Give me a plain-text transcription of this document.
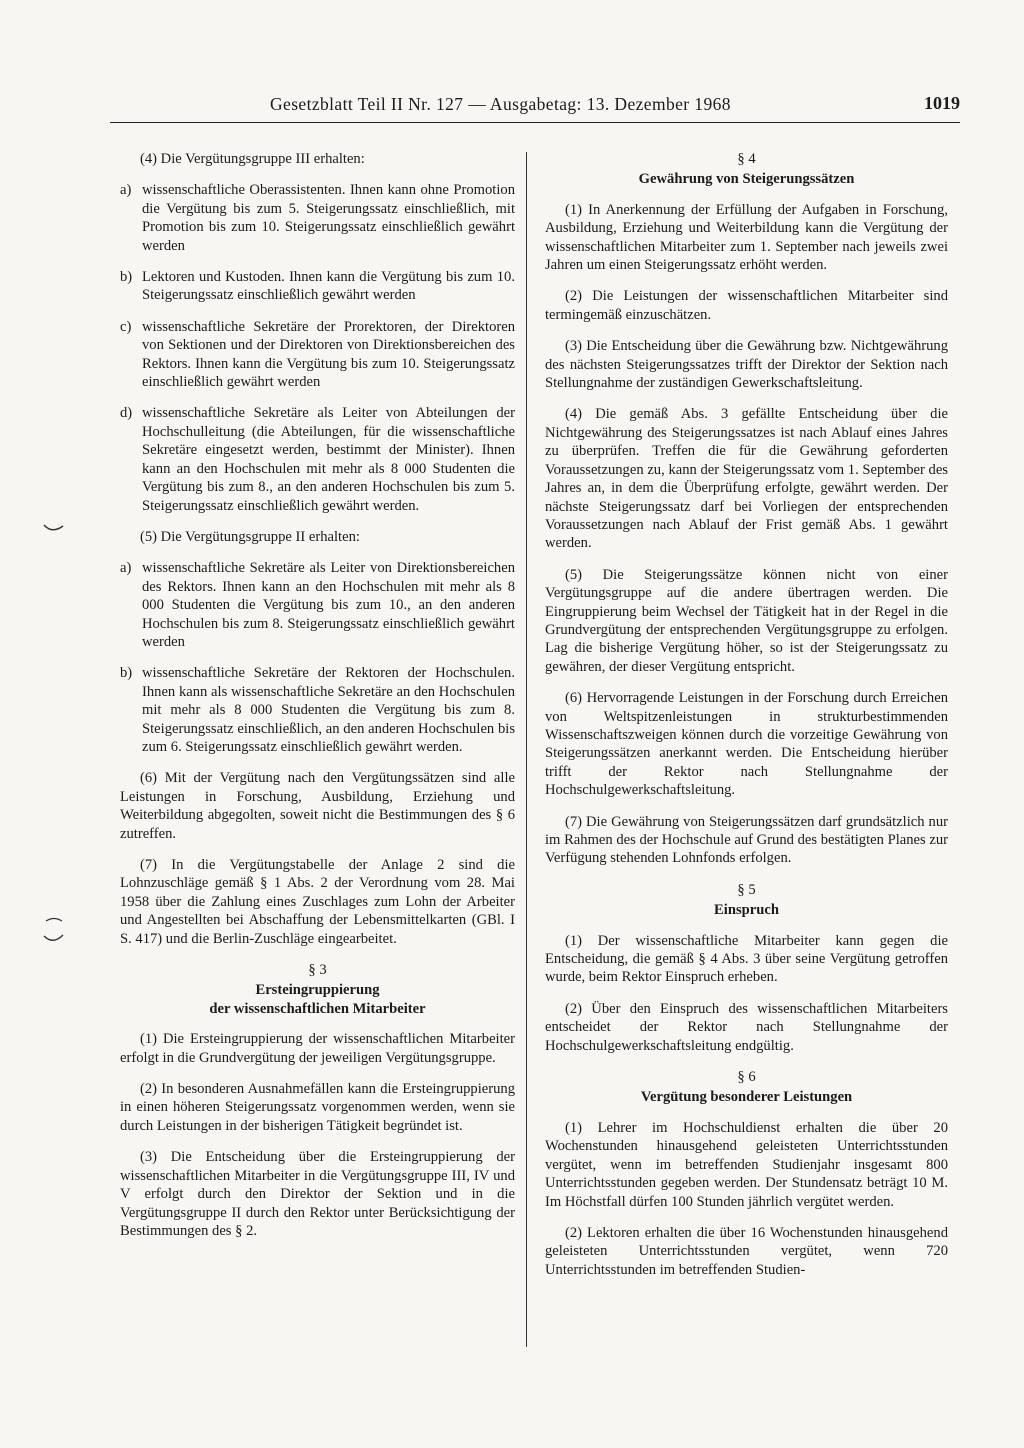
Gesetzblatt Teil II Nr. 127 — Ausgabetag: 13. Dezember 1968	1019

(4) Die Vergütungsgruppe III erhalten:

a) wissenschaftliche Oberassistenten. Ihnen kann ohne Promotion die Vergütung bis zum 5. Steigerungssatz einschließlich, mit Promotion bis zum 10. Steigerungssatz einschließlich gewährt werden
b) Lektoren und Kustoden. Ihnen kann die Vergütung bis zum 10. Steigerungssatz einschließlich gewährt werden
c) wissenschaftliche Sekretäre der Prorektoren, der Direktoren von Sektionen und der Direktoren von Direktionsbereichen des Rektors. Ihnen kann die Vergütung bis zum 10. Steigerungssatz einschließlich gewährt werden
d) wissenschaftliche Sekretäre als Leiter von Abteilungen der Hochschulleitung (die Abteilungen, für die wissenschaftliche Sekretäre eingesetzt werden, bestimmt der Minister). Ihnen kann an den Hochschulen mit mehr als 8 000 Studenten die Vergütung bis zum 8., an den anderen Hochschulen bis zum 5. Steigerungssatz einschließlich gewährt werden.

(5) Die Vergütungsgruppe II erhalten:

a) wissenschaftliche Sekretäre als Leiter von Direktionsbereichen des Rektors. Ihnen kann an den Hochschulen mit mehr als 8 000 Studenten die Vergütung bis zum 10., an den anderen Hochschulen bis zum 8. Steigerungssatz einschließlich gewährt werden
b) wissenschaftliche Sekretäre der Rektoren der Hochschulen. Ihnen kann als wissenschaftliche Sekretäre an den Hochschulen mit mehr als 8 000 Studenten die Vergütung bis zum 8. Steigerungssatz einschließlich, an den anderen Hochschulen bis zum 6. Steigerungssatz einschließlich gewährt werden.

(6) Mit der Vergütung nach den Vergütungssätzen sind alle Leistungen in Forschung, Ausbildung, Erziehung und Weiterbildung abgegolten, soweit nicht die Bestimmungen des § 6 zutreffen.

(7) In die Vergütungstabelle der Anlage 2 sind die Lohnzuschläge gemäß § 1 Abs. 2 der Verordnung vom 28. Mai 1958 über die Zahlung eines Zuschlages zum Lohn der Arbeiter und Angestellten bei Abschaffung der Lebensmittelkarten (GBl. I S. 417) und die Berlin-Zuschläge eingearbeitet.

§ 3
Ersteingruppierung
der wissenschaftlichen Mitarbeiter

(1) Die Ersteingruppierung der wissenschaftlichen Mitarbeiter erfolgt in die Grundvergütung der jeweiligen Vergütungsgruppe.

(2) In besonderen Ausnahmefällen kann die Ersteingruppierung in einen höheren Steigerungssatz vorgenommen werden, wenn sie durch Leistungen in der bisherigen Tätigkeit begründet ist.

(3) Die Entscheidung über die Ersteingruppierung der wissenschaftlichen Mitarbeiter in die Vergütungsgruppe III, IV und V erfolgt durch den Direktor der Sektion und in die Vergütungsgruppe II durch den Rektor unter Berücksichtigung der Bestimmungen des § 2.

§ 4
Gewährung von Steigerungssätzen

(1) In Anerkennung der Erfüllung der Aufgaben in Forschung, Ausbildung, Erziehung und Weiterbildung kann die Vergütung der wissenschaftlichen Mitarbeiter zum 1. September nach jeweils zwei Jahren um einen Steigerungssatz erhöht werden.

(2) Die Leistungen der wissenschaftlichen Mitarbeiter sind termingemäß einzuschätzen.

(3) Die Entscheidung über die Gewährung bzw. Nichtgewährung des nächsten Steigerungssatzes trifft der Direktor der Sektion nach Stellungnahme der zuständigen Gewerkschaftsleitung.

(4) Die gemäß Abs. 3 gefällte Entscheidung über die Nichtgewährung des Steigerungssatzes ist nach Ablauf eines Jahres zu überprüfen. Treffen die für die Gewährung geforderten Voraussetzungen zu, kann der Steigerungssatz vom 1. September des Jahres an, in dem die Überprüfung erfolgte, gewährt werden. Der nächste Steigerungssatz darf bei Vorliegen der entsprechenden Voraussetzungen nach Ablauf der Frist gemäß Abs. 1 gewährt werden.

(5) Die Steigerungssätze können nicht von einer Vergütungsgruppe auf die andere übertragen werden. Die Eingruppierung beim Wechsel der Tätigkeit hat in der Regel in die Grundvergütung der entsprechenden Vergütungsgruppe zu erfolgen. Lag die bisherige Vergütung höher, so ist der Steigerungssatz zu gewähren, der dieser Vergütung entspricht.

(6) Hervorragende Leistungen in der Forschung durch Erreichen von Weltspitzenleistungen in strukturbestimmenden Wissenschaftszweigen können durch die vorzeitige Gewährung von Steigerungssätzen anerkannt werden. Die Entscheidung hierüber trifft der Rektor nach Stellungnahme der Hochschulgewerkschaftsleitung.

(7) Die Gewährung von Steigerungssätzen darf grundsätzlich nur im Rahmen des der Hochschule auf Grund des bestätigten Planes zur Verfügung stehenden Lohnfonds erfolgen.

§ 5
Einspruch

(1) Der wissenschaftliche Mitarbeiter kann gegen die Entscheidung, die gemäß § 4 Abs. 3 über seine Vergütung getroffen wurde, beim Rektor Einspruch erheben.

(2) Über den Einspruch des wissenschaftlichen Mitarbeiters entscheidet der Rektor nach Stellungnahme der Hochschulgewerkschaftsleitung endgültig.

§ 6
Vergütung besonderer Leistungen

(1) Lehrer im Hochschuldienst erhalten die über 20 Wochenstunden hinausgehend geleisteten Unterrichtsstunden vergütet, wenn im betreffenden Studienjahr insgesamt 800 Unterrichtsstunden gegeben werden. Der Stundensatz beträgt 10 M. Im Höchstfall dürfen 100 Stunden jährlich vergütet werden.

(2) Lektoren erhalten die über 16 Wochenstunden hinausgehend geleisteten Unterrichtsstunden vergütet, wenn 720 Unterrichtsstunden im betreffenden Studien-
